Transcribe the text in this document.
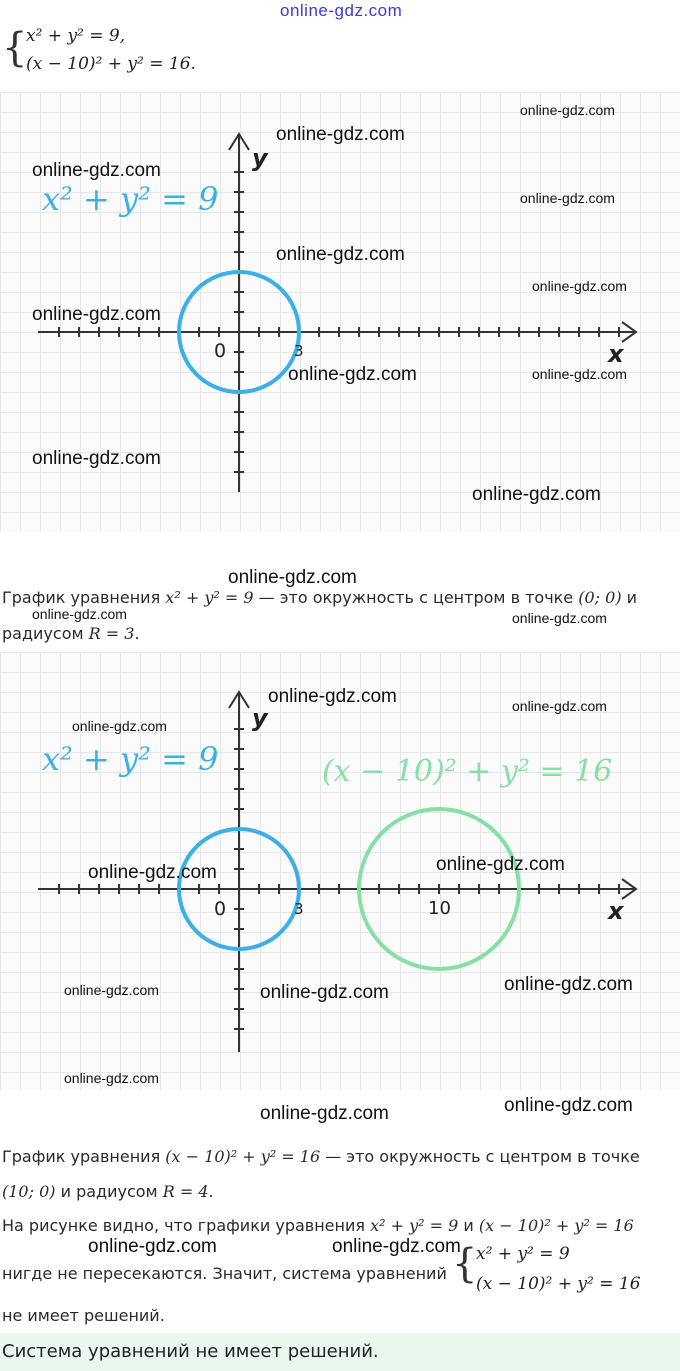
online-gdz.com
{
x² + y² = 9,
(x − 10)² + y² = 16.
x² + y² = 9
y
x
0	3
online-gdz.com
online-gdz.com
online-gdz.com
online-gdz.com
online-gdz.com
online-gdz.com
online-gdz.com
online-gdz.com
online-gdz.com
online-gdz.com
online-gdz.com
online-gdz.com
График уравнения x² + y² = 9 — это окружность с центром в точке (0; 0) и
online-gdz.com	online-gdz.com
радиусом R = 3.
x² + y² = 9	(x − 10)² + y² = 16
y
x
0	3	10
online-gdz.com
online-gdz.com
online-gdz.com
online-gdz.com	online-gdz.com
online-gdz.com	online-gdz.com
online-gdz.com
online-gdz.com
online-gdz.com	online-gdz.com
График уравнения (x − 10)² + y² = 16 — это окружность с центром в точке
(10; 0) и радиусом R = 4.
На рисунке видно, что графики уравнения x² + y² = 9 и (x − 10)² + y² = 16
online-gdz.com	online-gdz.com
нигде не пересекаются. Значит, система уравнений {
x² + y² = 9
(x − 10)² + y² = 16
не имеет решений.
Система уравнений не имеет решений.
